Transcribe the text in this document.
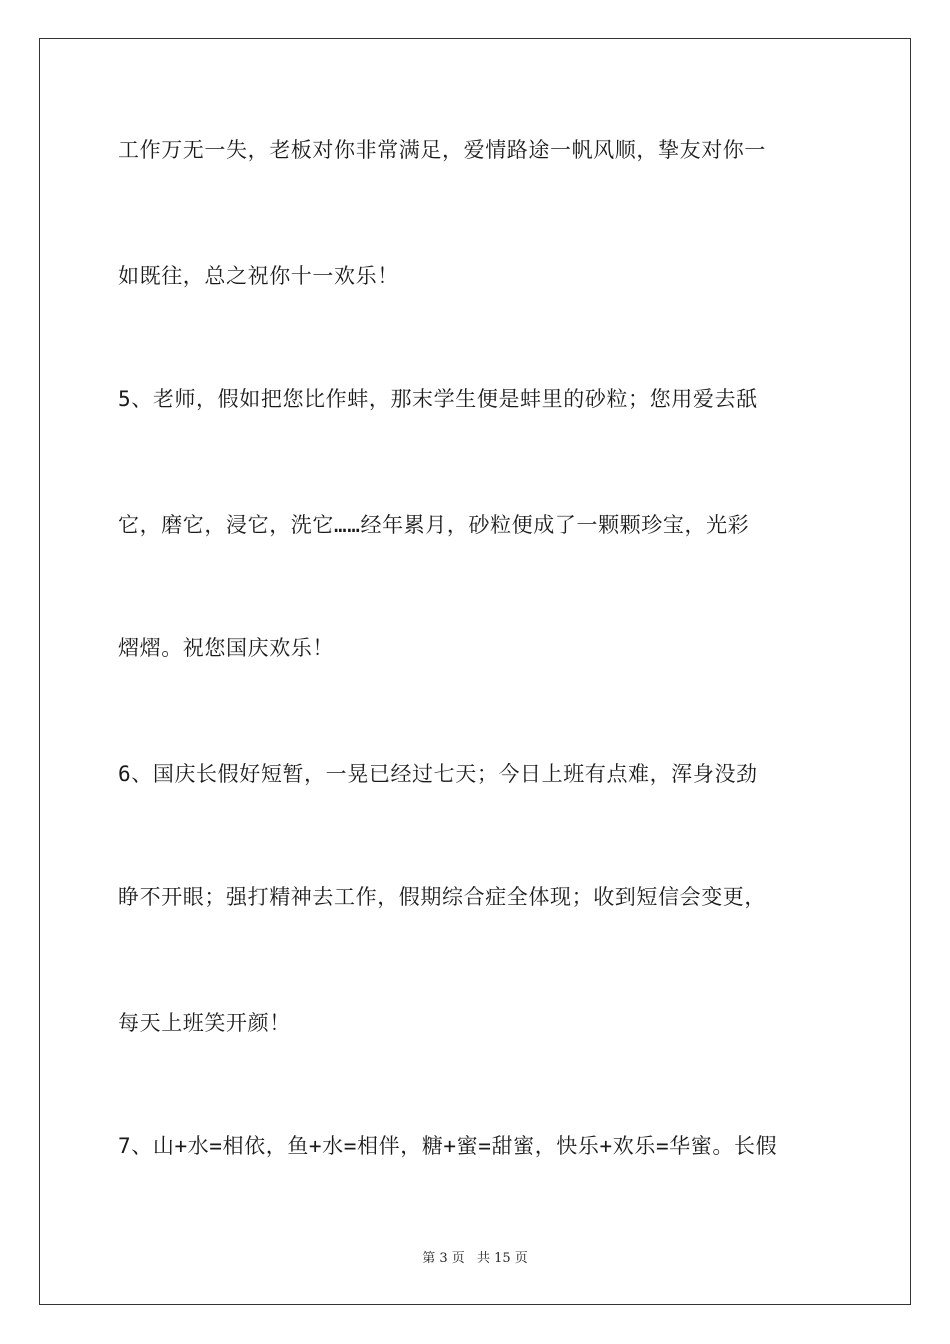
工作万无一失，老板对你非常满足，爱情路途一帆风顺，挚友对你一
如既往，总之祝你十一欢乐！
5、老师，假如把您比作蚌，那末学生便是蚌里的砂粒；您用爱去舐
它，磨它，浸它，洗它……经年累月，砂粒便成了一颗颗珍宝，光彩
熠熠。祝您国庆欢乐！
6、国庆长假好短暂，一晃已经过七天；今日上班有点难，浑身没劲
睁不开眼；强打精神去工作，假期综合症全体现；收到短信会变更，
每天上班笑开颜！
7、山+水=相依，鱼+水=相伴，糖+蜜=甜蜜，快乐+欢乐=华蜜。长假
第 3 页 共 15 页
